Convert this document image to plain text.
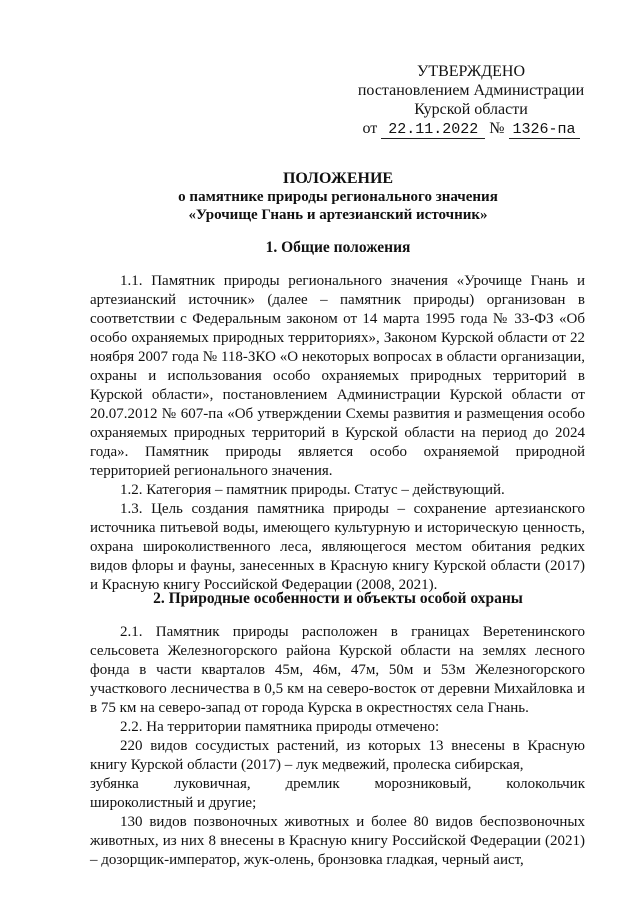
УТВЕРЖДЕНО
постановлением Администрации
Курской области
от 22.11.2022 № 1326-па
ПОЛОЖЕНИЕ
о памятнике природы регионального значения
«Урочище Гнань и артезианский источник»
1. Общие положения

1.1. Памятник природы регионального значения «Урочище Гнань и артезианский источник» (далее – памятник природы) организован в соответствии с Федеральным законом от 14 марта 1995 года № 33-ФЗ «Об особо охраняемых природных территориях», Законом Курской области от 22 ноября 2007 года № 118-ЗКО «О некоторых вопросах в области организации, охраны и использования особо охраняемых природных территорий в Курской области», постановлением Администрации Курской области от 20.07.2012 № 607-па «Об утверждении Схемы развития и размещения особо охраняемых природных территорий в Курской области на период до 2024 года». Памятник природы является особо охраняемой природной территорией регионального значения.

1.2. Категория – памятник природы. Статус – действующий.

1.3. Цель создания памятника природы – сохранение артезианского источника питьевой воды, имеющего культурную и историческую ценность, охрана широколиственного леса, являющегося местом обитания редких видов флоры и фауны, занесенных в Красную книгу Курской области (2017) и Красную книгу Российской Федерации (2008, 2021).

2. Природные особенности и объекты особой охраны

2.1. Памятник природы расположен в границах Веретенинского сельсовета Железногорского района Курской области на землях лесного фонда в части кварталов 45м, 46м, 47м, 50м и 53м Железногорского участкового лесничества в 0,5 км на северо-восток от деревни Михайловка и в 75 км на северо-запад от города Курска в окрестностях села Гнань.

2.2. На территории памятника природы отмечено:

220 видов сосудистых растений, из которых 13 внесены в Красную книгу Курской области (2017) – лук медвежий, пролеска сибирская,

зубянка луковичная, дремлик морозниковый, колокольчик
широколистный и другие;

130 видов позвоночных животных и более 80 видов беспозвоночных животных, из них 8 внесены в Красную книгу Российской Федерации (2021) – дозорщик-император, жук-олень, бронзовка гладкая, черный аист,
